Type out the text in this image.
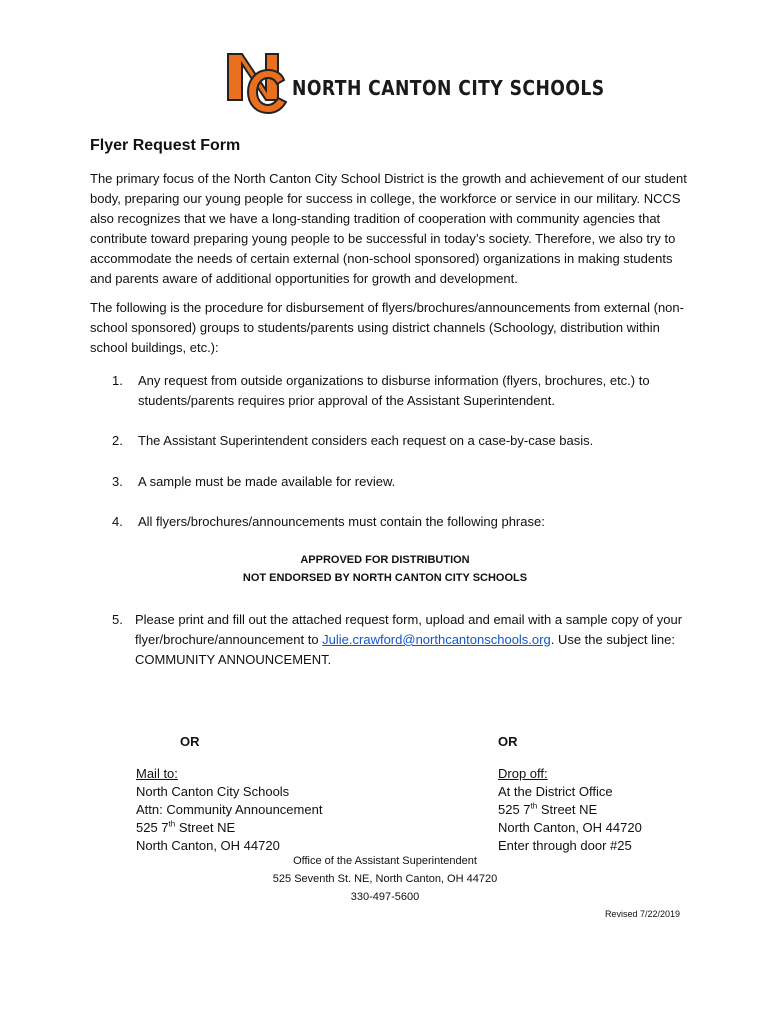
NORTH CANTON CITY SCHOOLS
Flyer Request Form
The primary focus of the North Canton City School District is the growth and achievement of our student body, preparing our young people for success in college, the workforce or service in our military. NCCS also recognizes that we have a long-standing tradition of cooperation with community agencies that contribute toward preparing young people to be successful in today’s society. Therefore, we also try to accommodate the needs of certain external (non-school sponsored) organizations in making students and parents aware of additional opportunities for growth and development.
The following is the procedure for disbursement of flyers/brochures/announcements from external (non-school sponsored) groups to students/parents using district channels (Schoology, distribution within school buildings, etc.):
1.	Any request from outside organizations to disburse information (flyers, brochures, etc.) to students/parents requires prior approval of the Assistant Superintendent.
2.	The Assistant Superintendent considers each request on a case-by-case basis.
3.	A sample must be made available for review.
4.	All flyers/brochures/announcements must contain the following phrase:
APPROVED FOR DISTRIBUTION
NOT ENDORSED BY NORTH CANTON CITY SCHOOLS
5. Please print and fill out the attached request form, upload and email with a sample copy of your flyer/brochure/announcement to Julie.crawford@northcantonschools.org. Use the subject line: COMMUNITY ANNOUNCEMENT.
OR	OR
Mail to:
North Canton City Schools
Attn: Community Announcement
525 7th Street NE
North Canton, OH 44720
Drop off:
At the District Office
525 7th Street NE
North Canton, OH 44720
Enter through door #25
Office of the Assistant Superintendent
525 Seventh St. NE, North Canton, OH 44720
330-497-5600
Revised 7/22/2019
